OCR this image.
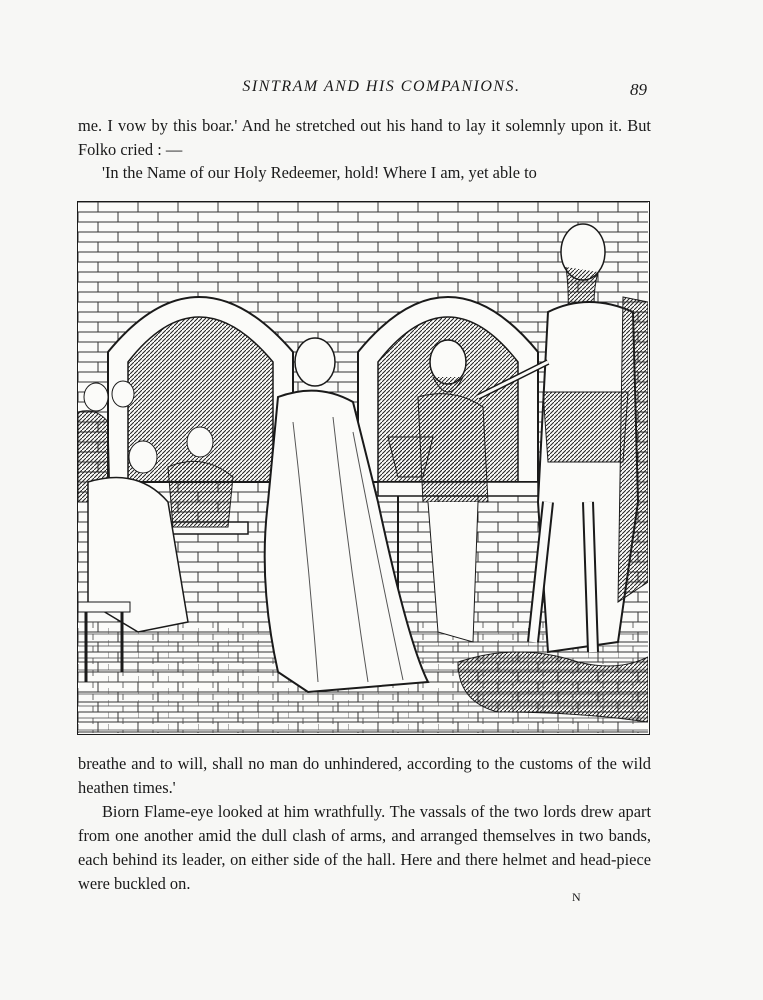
SINTRAM AND HIS COMPANIONS.	89
me. I vow by this boar.' And he stretched out his hand to lay it solemnly upon it. But Folko cried : —
'In the Name of our Holy Redeemer, hold! Where I am, yet able to
breathe and to will, shall no man do unhindered, according to the customs of the wild heathen times.'
Biorn Flame-eye looked at him wrathfully. The vassals of the two lords drew apart from one another amid the dull clash of arms, and arranged themselves in two bands, each behind its leader, on either side of the hall. Here and there helmet and head-piece were buckled on.
N
